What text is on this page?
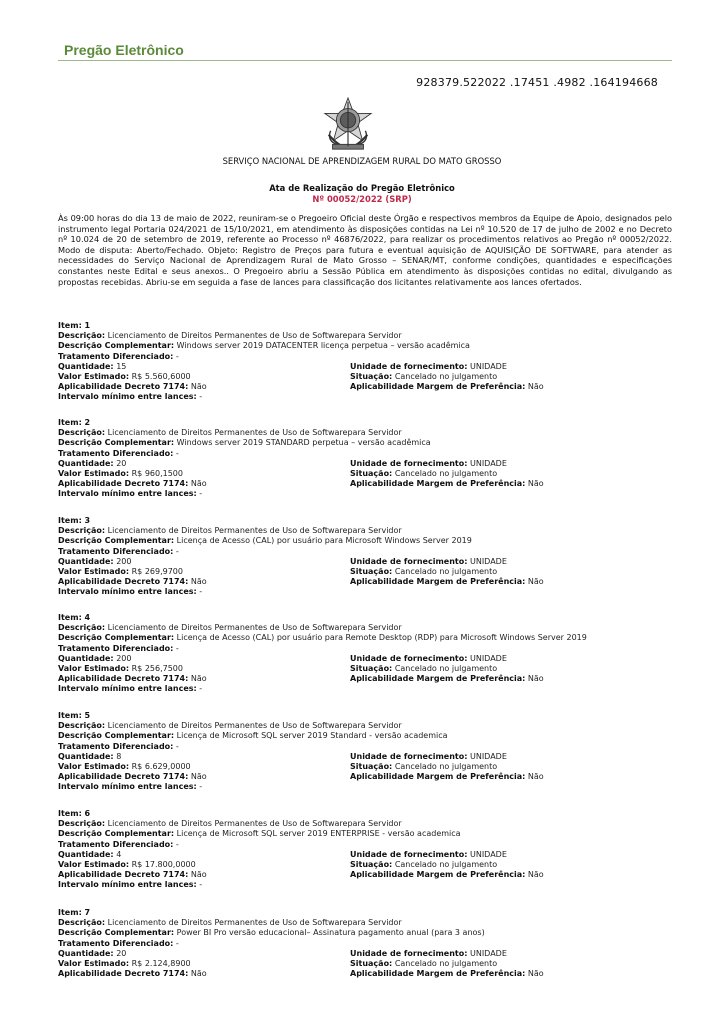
Pregão Eletrônico
928379.522022 .17451 .4982 .164194668
SERVIÇO NACIONAL DE APRENDIZAGEM RURAL DO MATO GROSSO
Ata de Realização do Pregão Eletrônico
Nº 00052/2022 (SRP)
Às 09:00 horas do dia 13 de maio de 2022, reuniram-se o Pregoeiro Oficial deste Órgão e respectivos membros da Equipe de Apoio, designados pelo instrumento legal Portaria 024/2021 de 15/10/2021, em atendimento às disposições contidas na Lei nº 10.520 de 17 de julho de 2002 e no Decreto nº 10.024 de 20 de setembro de 2019, referente ao Processo nº 46876/2022, para realizar os procedimentos relativos ao Pregão nº 00052/2022. Modo de disputa: Aberto/Fechado. Objeto: Registro de Preços para futura e eventual aquisição de AQUISIÇÃO DE SOFTWARE, para atender as necessidades do Serviço Nacional de Aprendizagem Rural de Mato Grosso – SENAR/MT, conforme condições, quantidades e especificações constantes neste Edital e seus anexos.. O Pregoeiro abriu a Sessão Pública em atendimento às disposições contidas no edital, divulgando as propostas recebidas. Abriu-se em seguida a fase de lances para classificação dos licitantes relativamente aos lances ofertados.
Item: 1
Descrição: Licenciamento de Direitos Permanentes de Uso de Softwarepara Servidor
Descrição Complementar: Windows server 2019 DATACENTER licença perpetua – versão acadêmica
Tratamento Diferenciado: -
Quantidade: 15	Unidade de fornecimento: UNIDADE
Valor Estimado: R$ 5.560,6000	Situação: Cancelado no julgamento
Aplicabilidade Decreto 7174: Não	Aplicabilidade Margem de Preferência: Não
Intervalo mínimo entre lances: -
Item: 2
Descrição: Licenciamento de Direitos Permanentes de Uso de Softwarepara Servidor
Descrição Complementar: Windows server 2019 STANDARD perpetua – versão acadêmica
Tratamento Diferenciado: -
Quantidade: 20	Unidade de fornecimento: UNIDADE
Valor Estimado: R$ 960,1500	Situação: Cancelado no julgamento
Aplicabilidade Decreto 7174: Não	Aplicabilidade Margem de Preferência: Não
Intervalo mínimo entre lances: -
Item: 3
Descrição: Licenciamento de Direitos Permanentes de Uso de Softwarepara Servidor
Descrição Complementar: Licença de Acesso (CAL) por usuário para Microsoft Windows Server 2019
Tratamento Diferenciado: -
Quantidade: 200	Unidade de fornecimento: UNIDADE
Valor Estimado: R$ 269,9700	Situação: Cancelado no julgamento
Aplicabilidade Decreto 7174: Não	Aplicabilidade Margem de Preferência: Não
Intervalo mínimo entre lances: -
Item: 4
Descrição: Licenciamento de Direitos Permanentes de Uso de Softwarepara Servidor
Descrição Complementar: Licença de Acesso (CAL) por usuário para Remote Desktop (RDP) para Microsoft Windows Server 2019
Tratamento Diferenciado: -
Quantidade: 200	Unidade de fornecimento: UNIDADE
Valor Estimado: R$ 256,7500	Situação: Cancelado no julgamento
Aplicabilidade Decreto 7174: Não	Aplicabilidade Margem de Preferência: Não
Intervalo mínimo entre lances: -
Item: 5
Descrição: Licenciamento de Direitos Permanentes de Uso de Softwarepara Servidor
Descrição Complementar: Licença de Microsoft SQL server 2019 Standard - versão academica
Tratamento Diferenciado: -
Quantidade: 8	Unidade de fornecimento: UNIDADE
Valor Estimado: R$ 6.629,0000	Situação: Cancelado no julgamento
Aplicabilidade Decreto 7174: Não	Aplicabilidade Margem de Preferência: Não
Intervalo mínimo entre lances: -
Item: 6
Descrição: Licenciamento de Direitos Permanentes de Uso de Softwarepara Servidor
Descrição Complementar: Licença de Microsoft SQL server 2019 ENTERPRISE - versão academica
Tratamento Diferenciado: -
Quantidade: 4	Unidade de fornecimento: UNIDADE
Valor Estimado: R$ 17.800,0000	Situação: Cancelado no julgamento
Aplicabilidade Decreto 7174: Não	Aplicabilidade Margem de Preferência: Não
Intervalo mínimo entre lances: -
Item: 7
Descrição: Licenciamento de Direitos Permanentes de Uso de Softwarepara Servidor
Descrição Complementar: Power BI Pro versão educacional– Assinatura pagamento anual (para 3 anos)
Tratamento Diferenciado: -
Quantidade: 20	Unidade de fornecimento: UNIDADE
Valor Estimado: R$ 2.124,8900	Situação: Cancelado no julgamento
Aplicabilidade Decreto 7174: Não	Aplicabilidade Margem de Preferência: Não
